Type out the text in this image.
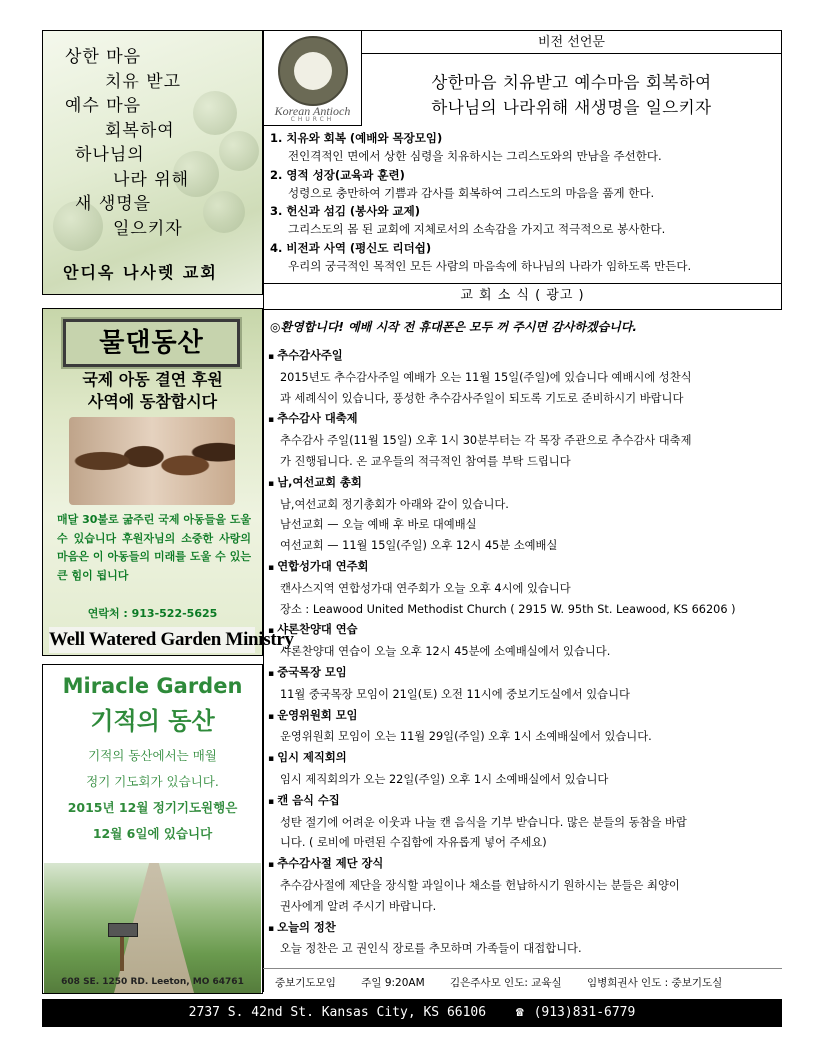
상한 마음
치유 받고
예수 마음
회복하여
하나님의
나라 위해
새 생명을
일으키자
안디옥 나사렛 교회
물댄동산
국제 아동 결연 후원
사역에 동참합시다
매달 30불로 굶주린 국제 아동들을 도울 수 있습니다 후원자님의 소중한 사랑의 마음은 이 아동들의 미래를 도울 수 있는 큰 힘이 됩니다
연락처 : 913-522-5625
Well Watered Garden Ministry
Miracle Garden
기적의 동산
기적의 동산에서는 매월
정기 기도회가 있습니다.
2015년 12월 정기기도원행은
12월 6일에 있습니다
608 SE. 1250 RD. Leeton, MO 64761
Korean Antioch
CHURCH
비전 선언문
상한마음 치유받고 예수마음 회복하여
하나님의 나라위해 새생명을 일으키자
1. 치유와 회복 (예배와 목장모임)
전인격적인 면에서 상한 심령을 치유하시는 그리스도와의 만남을 주선한다.
2. 영적 성장(교육과 훈련)
성령으로 충만하여 기쁨과 감사를 회복하여 그리스도의 마음을 품게 한다.
3. 헌신과 섬김 (봉사와 교제)
그리스도의 몸 된 교회에 지체로서의 소속감을 가지고 적극적으로 봉사한다.
4. 비전과 사역 (평신도 리더쉽)
우리의 궁극적인 목적인 모든 사람의 마음속에 하나님의 나라가 임하도록 만든다.
교 회 소 식 ( 광고 )
◎환영합니다! 예배 시작 전 휴대폰은 모두 꺼 주시면 감사하겠습니다.
▪ 추수감사주일
2015년도 추수감사주일 예배가 오는 11월 15일(주일)에 있습니다 예배시에 성찬식
과 세례식이 있습니다, 풍성한 추수감사주일이 되도록 기도로 준비하시기 바랍니다
▪ 추수감사 대축제
추수감사 주일(11월 15일) 오후 1시 30분부터는 각 목장 주관으로 추수감사 대축제
가 진행됩니다. 온 교우들의 적극적인 참여를 부탁 드립니다
▪ 남,여선교회 총회
남,여선교회 정기총회가 아래와 같이 있습니다.
남선교회 — 오늘 예배 후 바로 대예배실
여선교회 — 11월 15일(주일) 오후 12시 45분 소예배실
▪ 연합성가대 연주회
캔사스지역 연합성가대 연주회가 오늘 오후 4시에 있습니다
장소 : Leawood United Methodist Church ( 2915 W. 95th St. Leawood, KS 66206 )
▪ 샤론찬양대 연습
샤론찬양대 연습이 오늘 오후 12시 45분에 소예배실에서 있습니다.
▪ 중국목장 모임
11월 중국목장 모임이 21일(토) 오전 11시에 중보기도실에서 있습니다
▪ 운영위원회 모임
운영위원회 모임이 오는 11월 29일(주일) 오후 1시 소예배실에서 있습니다.
▪ 임시 제직회의
임시 제직회의가 오는 22일(주일) 오후 1시 소예배실에서 있습니다
▪ 캔 음식 수집
성탄 절기에 어려운 이웃과 나눌 캔 음식을 기부 받습니다. 많은 분들의 동참을 바랍
니다. ( 로비에 마련된 수집함에 자유롭게 넣어 주세요)
▪ 추수감사절 제단 장식
추수감사절에 제단을 장식할 과일이나 채소를 헌납하시기 원하시는 분들은 최양이
권사에게 알려 주시기 바랍니다.
▪ 오늘의 정찬
오늘 정찬은 고 권인식 장로를 추모하며 가족들이 대접합니다.
중보기도모임 주일 9:20AM 김은주사모 인도: 교육실 임병희권사 인도 : 중보기도실
2737 S. 42nd St. Kansas City, KS 66106 ☎ (913)831-6779
